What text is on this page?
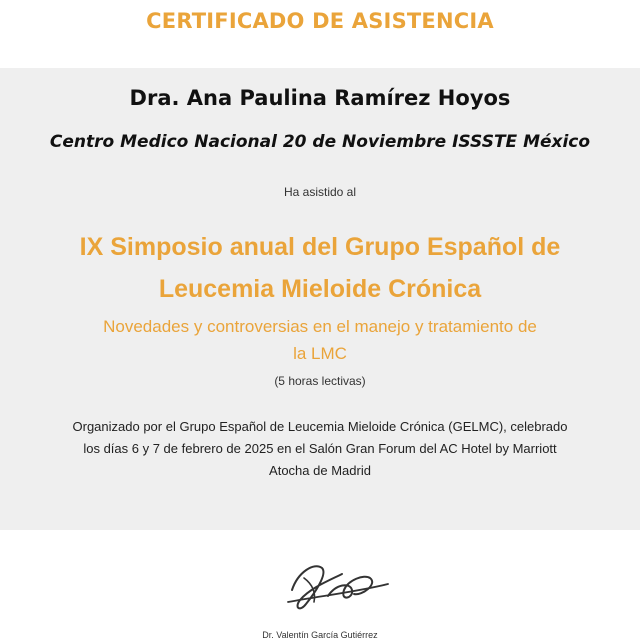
CERTIFICADO DE ASISTENCIA
Dra. Ana Paulina Ramírez Hoyos
Centro Medico Nacional 20 de Noviembre ISSSTE México
Ha asistido al
IX Simposio anual del Grupo Español de Leucemia Mieloide Crónica
Novedades y controversias en el manejo y tratamiento de la LMC
(5 horas lectivas)
Organizado por el Grupo Español de Leucemia Mieloide Crónica (GELMC), celebrado los días 6 y 7 de febrero de 2025 en el Salón Gran Forum del AC Hotel by Marriott Atocha de Madrid
Dr. Valentín García Gutiérrez
